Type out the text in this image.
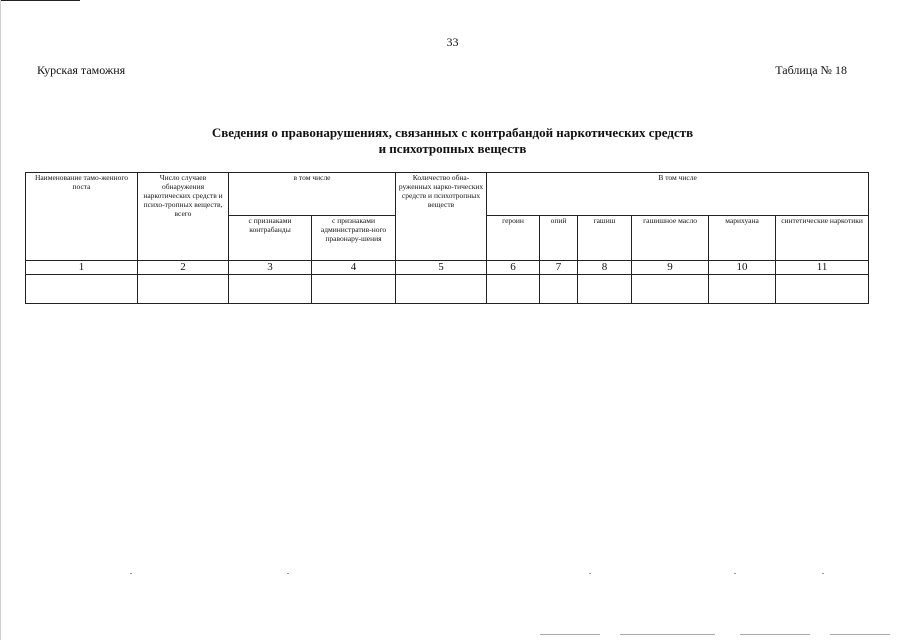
33
Курская таможня	Таблица № 18
Сведения о правонарушениях, связанных с контрабандой наркотических средств
и психотропных веществ
Наименование тамо-женного поста	Число случаев обнаружения наркотических средств и психо-тропных веществ, всего	в том числе		Количество обна-руженных нарко-тических средств и психотропных веществ	В том числе					
		с признаками контрабанды	с признаками административ-ного правонару-шения		героин	опий	гашиш	гашишное масло	марихуана	синтетические наркотики
1	2	3	4	5	6	7	8	9	10	11
